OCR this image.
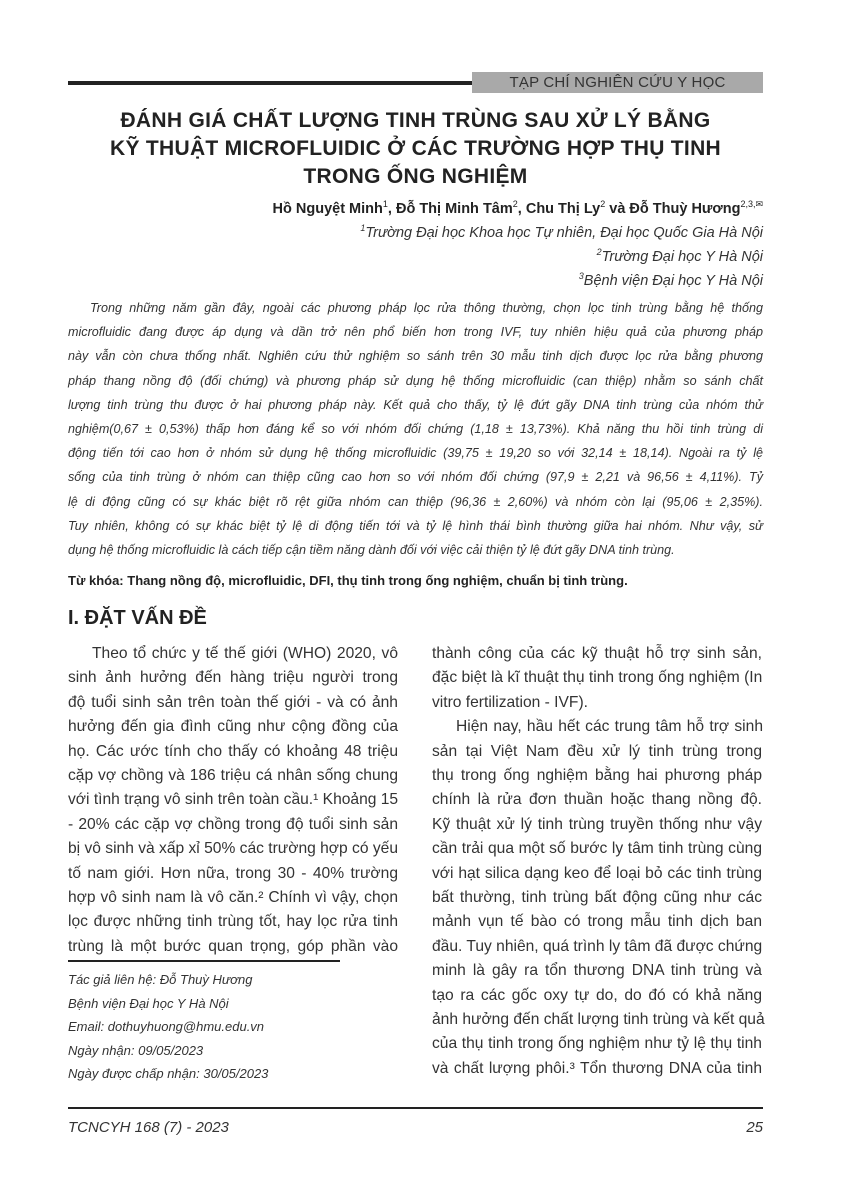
TẠP CHÍ NGHIÊN CỨU Y HỌC
ĐÁNH GIÁ CHẤT LƯỢNG TINH TRÙNG SAU XỬ LÝ BẰNG
KỸ THUẬT MICROFLUIDIC Ở CÁC TRƯỜNG HỢP THỤ TINH
TRONG ỐNG NGHIỆM
Hồ Nguyệt Minh$^1$, Đỗ Thị Minh Tâm$^2$, Chu Thị Ly$^2$ và Đỗ Thuỳ Hương$^{2,3,✉}$
$^1$Trường Đại học Khoa học Tự nhiên, Đại học Quốc Gia Hà Nội
$^2$Trường Đại học Y Hà Nội
$^3$Bệnh viện Đại học Y Hà Nội
Trong những năm gần đây, ngoài các phương pháp lọc rửa thông thường, chọn lọc tinh trùng bằng hệ thống
microfluidic đang được áp dụng và dần trở nên phổ biến hơn trong IVF, tuy nhiên hiệu quả của phương pháp
này vẫn còn chưa thống nhất. Nghiên cứu thử nghiệm so sánh trên 30 mẫu tinh dịch được lọc rửa bằng phương
pháp thang nồng độ (đối chứng) và phương pháp sử dụng hệ thống microfluidic (can thiệp) nhằm so sánh chất
lượng tinh trùng thu được ở hai phương pháp này. Kết quả cho thấy, tỷ lệ đứt gãy DNA tinh trùng của nhóm thử
nghiệm(0,67 ± 0,53%) thấp hơn đáng kể so với nhóm đối chứng (1,18 ± 13,73%). Khả năng thu hồi tinh trùng di
động tiến tới cao hơn ở nhóm sử dụng hệ thống microfluidic (39,75 ± 19,20 so với 32,14 ± 18,14). Ngoài ra tỷ lệ
sống của tinh trùng ở nhóm can thiệp cũng cao hơn so với nhóm đối chứng (97,9 ± 2,21 và 96,56 ± 4,11%). Tỷ
lệ di động cũng có sự khác biệt rõ rệt giữa nhóm can thiệp (96,36 ± 2,60%) và nhóm còn lại (95,06 ± 2,35%).
Tuy nhiên, không có sự khác biệt tỷ lệ di động tiến tới và tỷ lệ hình thái bình thường giữa hai nhóm. Như vậy, sử
dụng hệ thống microfluidic là cách tiếp cận tiềm năng dành đối với việc cải thiện tỷ lệ đứt gãy DNA tinh trùng.
Từ khóa: Thang nồng độ, microfluidic, DFI, thụ tinh trong ống nghiệm, chuẩn bị tinh trùng.
I. ĐẶT VẤN ĐỀ
Theo tổ chức y tế thế giới (WHO) 2020, vô
sinh ảnh hưởng đến hàng triệu người trong
độ tuổi sinh sản trên toàn thế giới - và có ảnh
hưởng đến gia đình cũng như cộng đồng của
họ. Các ước tính cho thấy có khoảng 48 triệu
cặp vợ chồng và 186 triệu cá nhân sống chung
với tình trạng vô sinh trên toàn cầu.¹ Khoảng 15
- 20% các cặp vợ chồng trong độ tuổi sinh sản
bị vô sinh và xấp xỉ 50% các trường hợp có yếu
tố nam giới. Hơn nữa, trong 30 - 40% trường
hợp vô sinh nam là vô căn.² Chính vì vậy, chọn
lọc được những tinh trùng tốt, hay lọc rửa tinh
trùng là một bước quan trọng, góp phần vào
thành công của các kỹ thuật hỗ trợ sinh sản,
đặc biệt là kĩ thuật thụ tinh trong ống nghiệm (In
vitro fertilization - IVF).
Hiện nay, hầu hết các trung tâm hỗ trợ sinh
sản tại Việt Nam đều xử lý tinh trùng trong
thụ trong ống nghiệm bằng hai phương pháp
chính là rửa đơn thuần hoặc thang nồng độ.
Kỹ thuật xử lý tinh trùng truyền thống như vậy
cần trải qua một số bước ly tâm tinh trùng cùng
với hạt silica dạng keo để loại bỏ các tinh trùng
bất thường, tinh trùng bất động cũng như các
mảnh vụn tế bào có trong mẫu tinh dịch ban
đầu. Tuy nhiên, quá trình ly tâm đã được chứng
minh là gây ra tổn thương DNA tinh trùng và
tạo ra các gốc oxy tự do, do đó có khả năng
ảnh hưởng đến chất lượng tinh trùng và kết quả
của thụ tinh trong ống nghiệm như tỷ lệ thụ tinh
và chất lượng phôi.³ Tổn thương DNA của tinh
Tác giả liên hệ: Đỗ Thuỳ Hương
Bệnh viện Đại học Y Hà Nội
Email: dothuyhuong@hmu.edu.vn
Ngày nhận: 09/05/2023
Ngày được chấp nhận: 30/05/2023
TCNCYH 168 (7) - 2023	25
